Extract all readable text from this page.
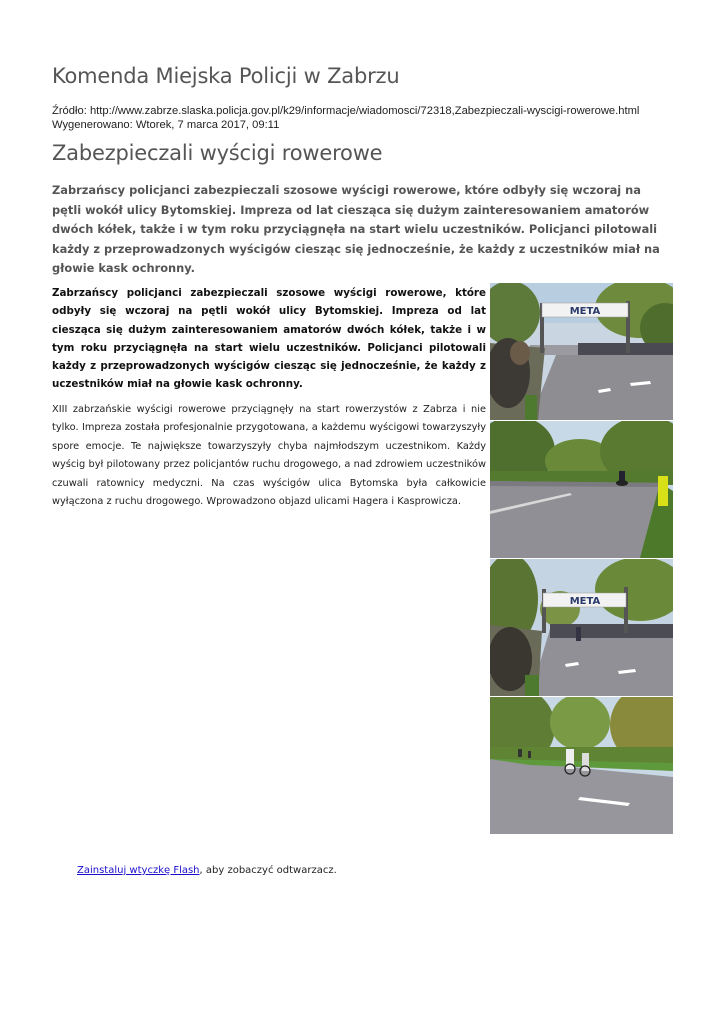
Komenda Miejska Policji w Zabrzu
Źródło: http://www.zabrze.slaska.policja.gov.pl/k29/informacje/wiadomosci/72318,Zabezpieczali-wyscigi-rowerowe.html
Wygenerowano: Wtorek, 7 marca 2017, 09:11
Zabezpieczali wyścigi rowerowe

Zabrzańscy policjanci zabezpieczali szosowe wyścigi rowerowe, które odbyły się wczoraj na pętli wokół ulicy Bytomskiej. Impreza od lat ciesząca się dużym zainteresowaniem amatorów dwóch kółek, także i w tym roku przyciągnęła na start wielu uczestników. Policjanci pilotowali każdy z przeprowadzonych wyścigów ciesząc się jednocześnie, że każdy z uczestników miał na głowie kask ochronny.

Zabrzańscy policjanci zabezpieczali szosowe wyścigi rowerowe, które odbyły się wczoraj na pętli wokół ulicy Bytomskiej. Impreza od lat ciesząca się dużym zainteresowaniem amatorów dwóch kółek, także i w tym roku przyciągnęła na start wielu uczestników. Policjanci pilotowali każdy z przeprowadzonych wyścigów ciesząc się jednocześnie, że każdy z uczestników miał na głowie kask ochronny.

XIII zabrzańskie wyścigi rowerowe przyciągnęły na start rowerzystów z Zabrza i nie tylko. Impreza została profesjonalnie przygotowana, a każdemu wyścigowi towarzyszyły spore emocje. Te największe towarzyszyły chyba najmłodszym uczestnikom. Każdy wyścig był pilotowany przez policjantów ruchu drogowego, a nad zdrowiem uczestników czuwali ratownicy medyczni. Na czas wyścigów ulica Bytomska była całkowicie wyłączona z ruchu drogowego. Wprowadzono objazd ulicami Hagera i Kasprowicza.

META
META
Zainstaluj wtyczkę Flash, aby zobaczyć odtwarzacz.
